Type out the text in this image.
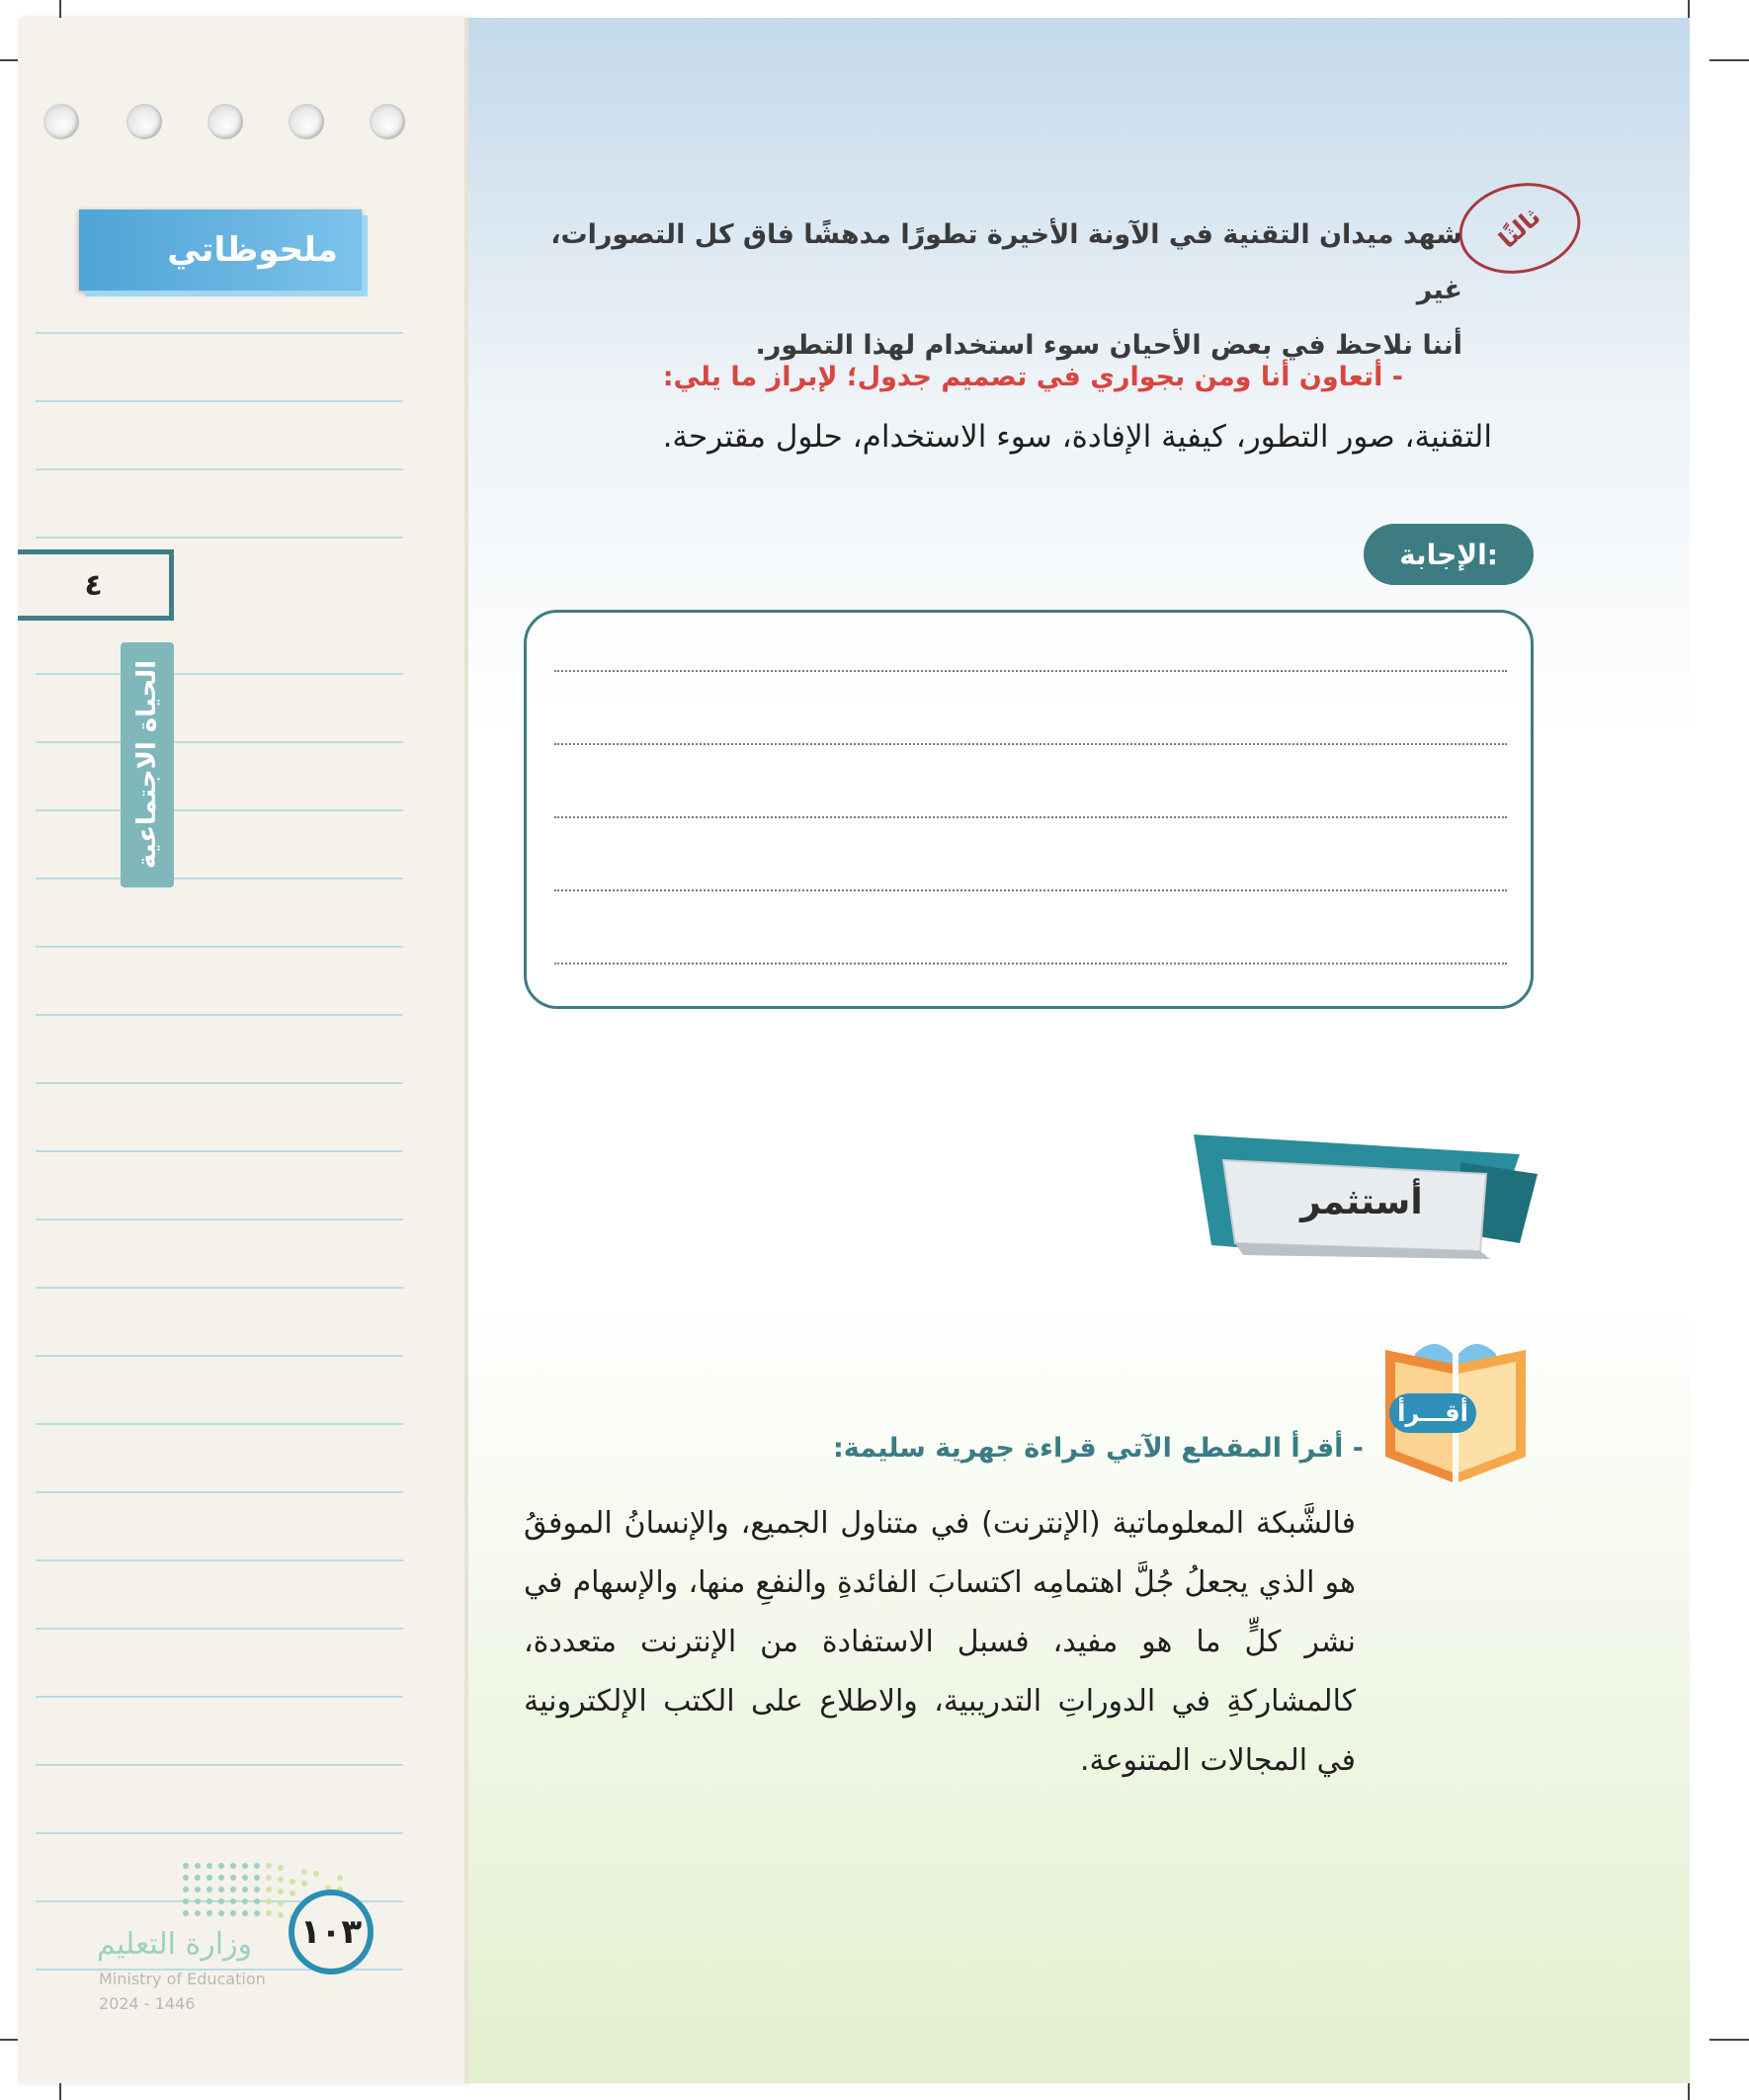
ملحوظاتي
٤
الحياة الاجتماعية
ثالثًا
شهد ميدان التقنية في الآونة الأخيرة تطورًا مدهشًا فاق كل التصورات، غير
أننا نلاحظ في بعض الأحيان سوء استخدام لهذا التطور.
- أتعاون أنا ومن بجواري في تصميم جدول؛ لإبراز ما يلي:
التقنية، صور التطور، كيفية الإفادة، سوء الاستخدام، حلول مقترحة.
الإجابة:
أستثمر
أقـــرأ
- أقرأ المقطع الآتي قراءة جهرية سليمة:
فالشَّبكة المعلوماتية (الإنترنت) في متناول الجميع، والإنسانُ الموفقُ هو الذي يجعلُ جُلَّ اهتمامِه اكتسابَ الفائدةِ والنفعِ منها، والإسهام في نشر كلٍّ ما هو مفيد، فسبل الاستفادة من الإنترنت متعددة، كالمشاركةِ في الدوراتِ التدريبية، والاطلاع على الكتب الإلكترونية في المجالات المتنوعة.
١٠٣
وزارة التعليم
Ministry of Education
2024 - 1446
